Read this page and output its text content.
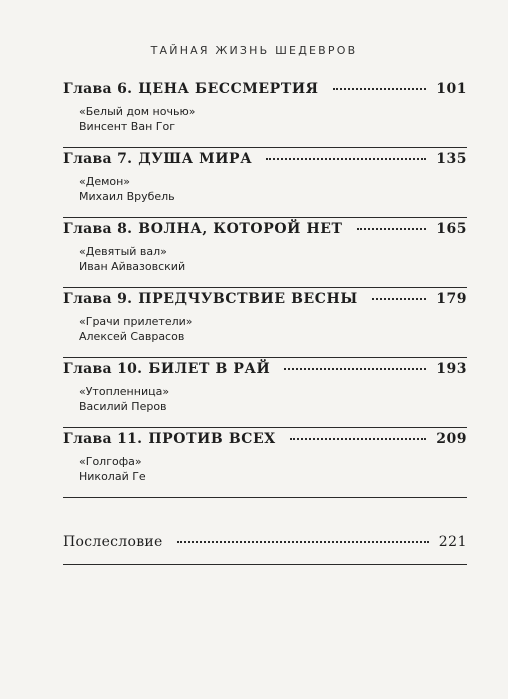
ТАЙНАЯ ЖИЗНЬ ШЕДЕВРОВ
Глава 6. ЦЕНА БЕССМЕРТИЯ	101
«Белый дом ночью»
Винсент Ван Гог
Глава 7. ДУША МИРА	135
«Демон»
Михаил Врубель
Глава 8. ВОЛНА, КОТОРОЙ НЕТ	165
«Девятый вал»
Иван Айвазовский
Глава 9. ПРЕДЧУВСТВИЕ ВЕСНЫ	179
«Грачи прилетели»
Алексей Саврасов
Глава 10. БИЛЕТ В РАЙ	193
«Утопленница»
Василий Перов
Глава 11. ПРОТИВ ВСЕХ	209
«Голгофа»
Николай Ге
Послесловие	221
